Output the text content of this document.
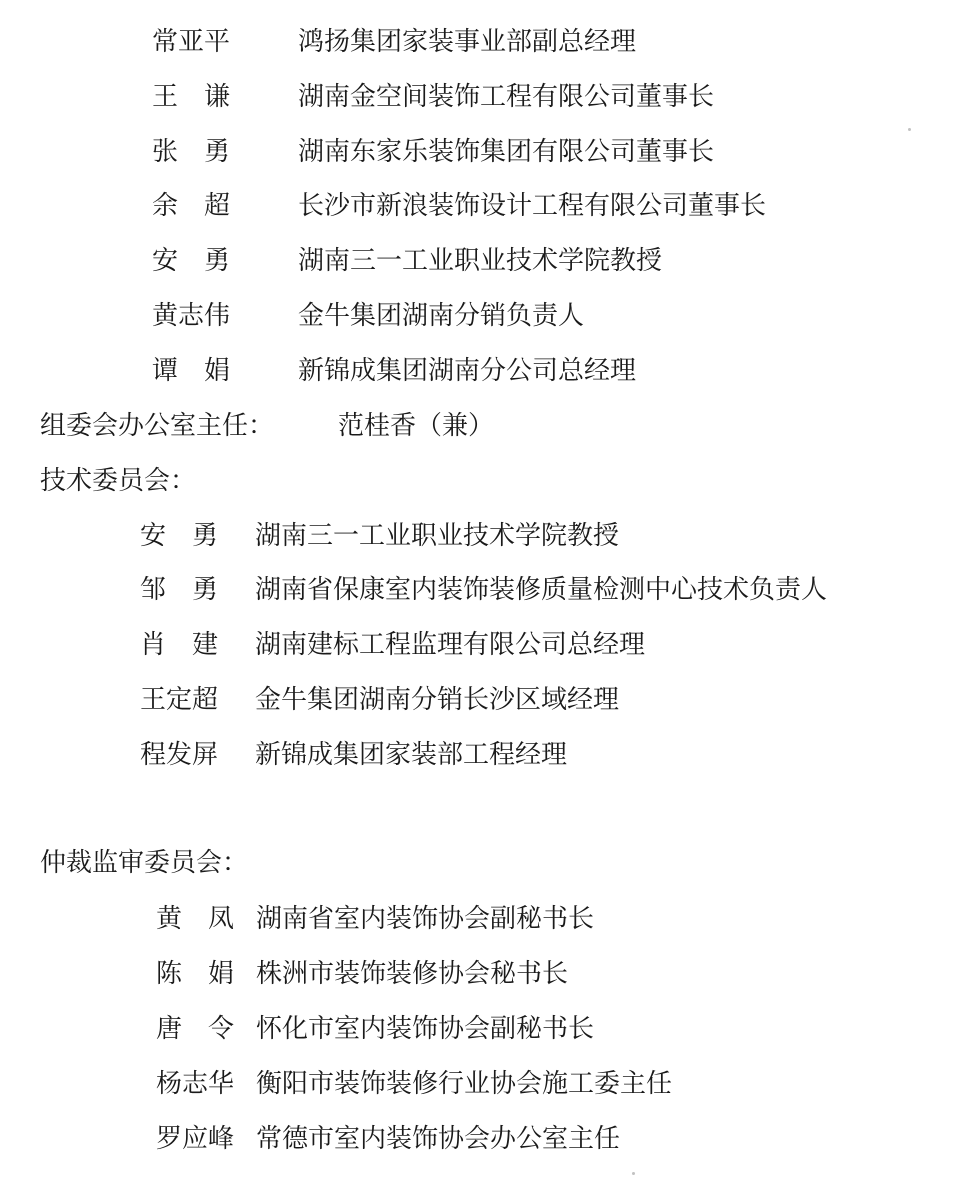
常亚平	鸿扬集团家装事业部副总经理
王　谦	湖南金空间装饰工程有限公司董事长
张　勇	湖南东家乐装饰集团有限公司董事长
余　超	长沙市新浪装饰设计工程有限公司董事长
安　勇	湖南三一工业职业技术学院教授
黄志伟	金牛集团湖南分销负责人
谭　娟	新锦成集团湖南分公司总经理
组委会办公室主任： 范桂香（兼）
技术委员会：
安　勇 湖南三一工业职业技术学院教授
邹　勇 湖南省保康室内装饰装修质量检测中心技术负责人
肖　建 湖南建标工程监理有限公司总经理
王定超 金牛集团湖南分销长沙区域经理
程发屏 新锦成集团家装部工程经理
仲裁监审委员会：
黄　凤 湖南省室内装饰协会副秘书长
陈　娟 株洲市装饰装修协会秘书长
唐　令 怀化市室内装饰协会副秘书长
杨志华 衡阳市装饰装修行业协会施工委主任
罗应峰 常德市室内装饰协会办公室主任
